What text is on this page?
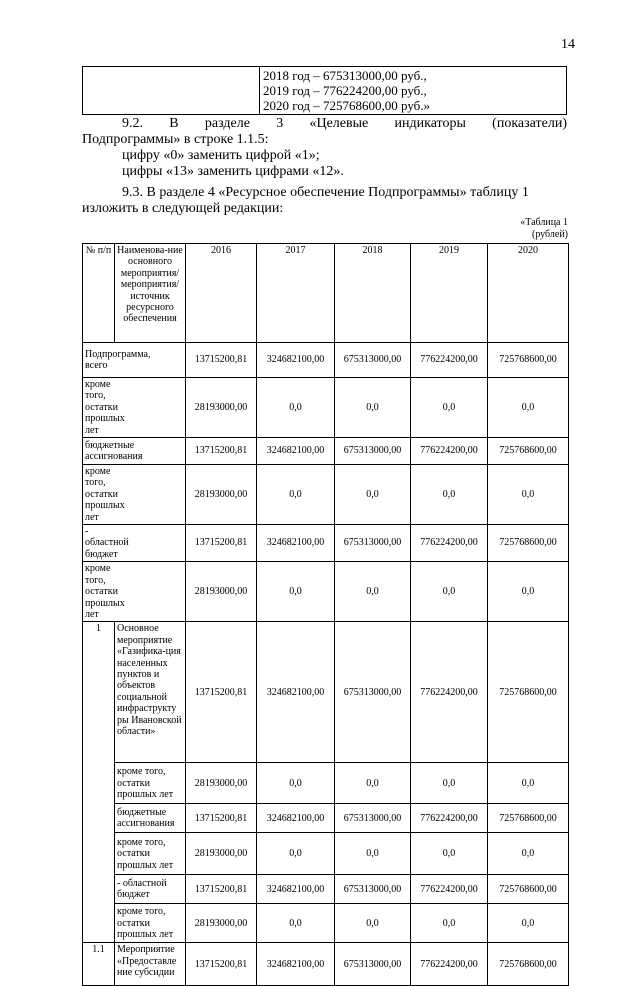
14

2018 год – 675313000,00 руб.,
2019 год – 776224200,00 руб.,
2020 год – 725768600,00 руб.»
9.2.    В    разделе    3    «Целевые    индикаторы    (показатели)
Подпрограммы» в строке 1.1.5:
цифру «0» заменить цифрой «1»;
цифры «13» заменить цифрами «12».
9.3. В разделе 4 «Ресурсное обеспечение Подпрограммы» таблицу 1
изложить в следующей редакции:
«Таблица 1
(рублей)
№ п/п	Наименова-ние основного мероприятия/ мероприятия/ источник ресурсного обеспечения	2016	2017	2018	2019	2020
Подпрограмма, всего		13715200,81	324682100,00	675313000,00	776224200,00	725768600,00
кроме того, остатки прошлых лет		28193000,00	0,0	0,0	0,0	0,0
бюджетные ассигнования		13715200,81	324682100,00	675313000,00	776224200,00	725768600,00
кроме того, остатки прошлых лет		28193000,00	0,0	0,0	0,0	0,0
- областной бюджет		13715200,81	324682100,00	675313000,00	776224200,00	725768600,00
кроме того, остатки прошлых лет		28193000,00	0,0	0,0	0,0	0,0
1	Основное мероприятие «Газифика-ция населенных пунктов и объектов социальной инфраструкту ры Ивановской области»	13715200,81	324682100,00	675313000,00	776224200,00	725768600,00
	кроме того, остатки прошлых лет	28193000,00	0,0	0,0	0,0	0,0
	бюджетные ассигнования	13715200,81	324682100,00	675313000,00	776224200,00	725768600,00
	кроме того, остатки прошлых лет	28193000,00	0,0	0,0	0,0	0,0
	- областной бюджет	13715200,81	324682100,00	675313000,00	776224200,00	725768600,00
	кроме того, остатки прошлых лет	28193000,00	0,0	0,0	0,0	0,0
1.1	Мероприятие «Предоставле ние субсидии	13715200,81	324682100,00	675313000,00	776224200,00	725768600,00
